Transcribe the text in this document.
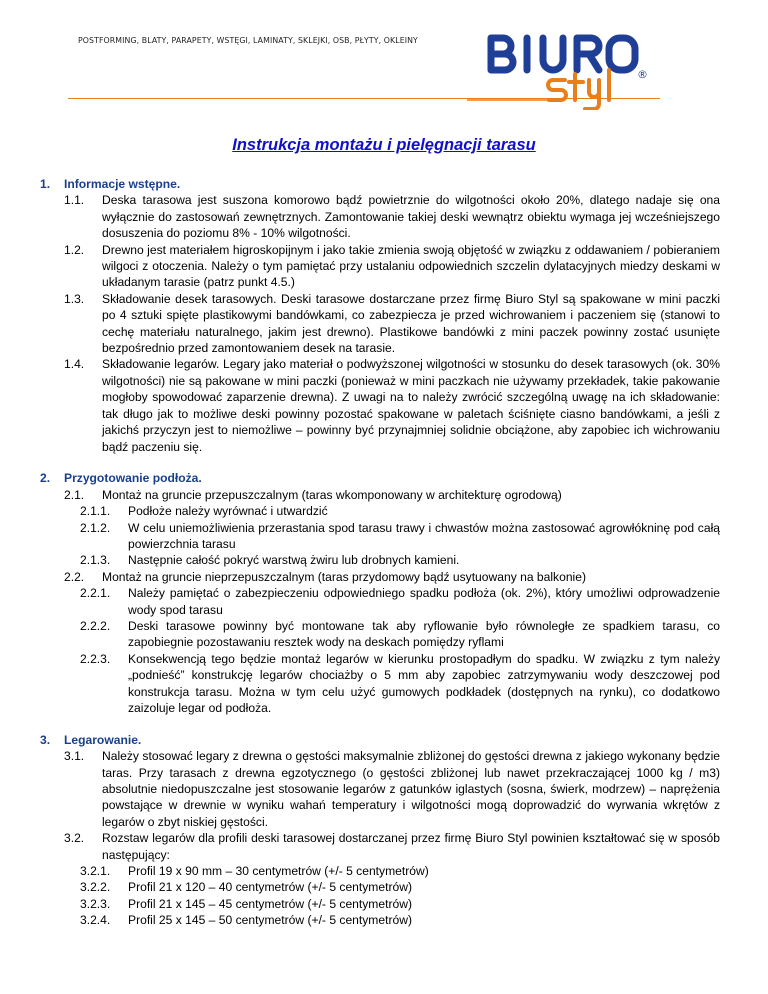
POSTFORMING, BLATY, PARAPETY, WSTĘGI, LAMINATY, SKLEJKI, OSB, PŁYTY, OKLEINY
®
Instrukcja montażu i pielęgnacji tarasu
1. Informacje wstępne.
1.1. Deska tarasowa jest suszona komorowo bądź powietrznie do wilgotności około 20%, dlatego nadaje się ona wyłącznie do zastosowań zewnętrznych. Zamontowanie takiej deski wewnątrz obiektu wymaga jej wcześniejszego dosuszenia do poziomu 8% - 10% wilgotności.
1.2. Drewno jest materiałem higroskopijnym i jako takie zmienia swoją objętość w związku z oddawaniem / pobieraniem wilgoci z otoczenia. Należy o tym pamiętać przy ustalaniu odpowiednich szczelin dylatacyjnych miedzy deskami w układanym tarasie (patrz punkt 4.5.)
1.3. Składowanie desek tarasowych. Deski tarasowe dostarczane przez firmę Biuro Styl są spakowane w mini paczki po 4 sztuki spięte plastikowymi bandówkami, co zabezpiecza je przed wichrowaniem i paczeniem się (stanowi to cechę materiału naturalnego, jakim jest drewno). Plastikowe bandówki z mini paczek powinny zostać usunięte bezpośrednio przed zamontowaniem desek na tarasie.
1.4. Składowanie legarów. Legary jako materiał o podwyższonej wilgotności w stosunku do desek tarasowych (ok. 30% wilgotności) nie są pakowane w mini paczki (ponieważ w mini paczkach nie używamy przekładek, takie pakowanie mogłoby spowodować zaparzenie drewna). Z uwagi na to należy zwrócić szczególną uwagę na ich składowanie: tak długo jak to możliwe deski powinny pozostać spakowane w paletach ściśnięte ciasno bandówkami, a jeśli z jakichś przyczyn jest to niemożliwe – powinny być przynajmniej solidnie obciążone, aby zapobiec ich wichrowaniu bądź paczeniu się.
2. Przygotowanie podłoża.
2.1. Montaż na gruncie przepuszczalnym (taras wkomponowany w architekturę ogrodową)
2.1.1. Podłoże należy wyrównać i utwardzić
2.1.2. W celu uniemożliwienia przerastania spod tarasu trawy i chwastów można zastosować agrowłókninę pod całą powierzchnia tarasu
2.1.3. Następnie całość pokryć warstwą żwiru lub drobnych kamieni.
2.2. Montaż na gruncie nieprzepuszczalnym (taras przydomowy bądź usytuowany na balkonie)
2.2.1. Należy pamiętać o zabezpieczeniu odpowiedniego spadku podłoża (ok. 2%), który umożliwi odprowadzenie wody spod tarasu
2.2.2. Deski tarasowe powinny być montowane tak aby ryflowanie było równoległe ze spadkiem tarasu, co zapobiegnie pozostawaniu resztek wody na deskach pomiędzy ryflami
2.2.3. Konsekwencją tego będzie montaż legarów w kierunku prostopadłym do spadku. W związku z tym należy „podnieść” konstrukcję legarów chociażby o 5 mm aby zapobiec zatrzymywaniu wody deszczowej pod konstrukcja tarasu. Można w tym celu użyć gumowych podkładek (dostępnych na rynku), co dodatkowo zaizoluje legar od podłoża.
3. Legarowanie.
3.1. Należy stosować legary z drewna o gęstości maksymalnie zbliżonej do gęstości drewna z jakiego wykonany będzie taras. Przy tarasach z drewna egzotycznego (o gęstości zbliżonej lub nawet przekraczającej 1000 kg / m3) absolutnie niedopuszczalne jest stosowanie legarów z gatunków iglastych (sosna, świerk, modrzew) – naprężenia powstające w drewnie w wyniku wahań temperatury i wilgotności mogą doprowadzić do wyrwania wkrętów z legarów o zbyt niskiej gęstości.
3.2. Rozstaw legarów dla profili deski tarasowej dostarczanej przez firmę Biuro Styl powinien kształtować się w sposób następujący:
3.2.1. Profil 19 x 90 mm – 30 centymetrów (+/- 5 centymetrów)
3.2.2. Profil 21 x 120 – 40 centymetrów (+/- 5 centymetrów)
3.2.3. Profil 21 x 145 – 45 centymetrów (+/- 5 centymetrów)
3.2.4. Profil 25 x 145 – 50 centymetrów (+/- 5 centymetrów)
